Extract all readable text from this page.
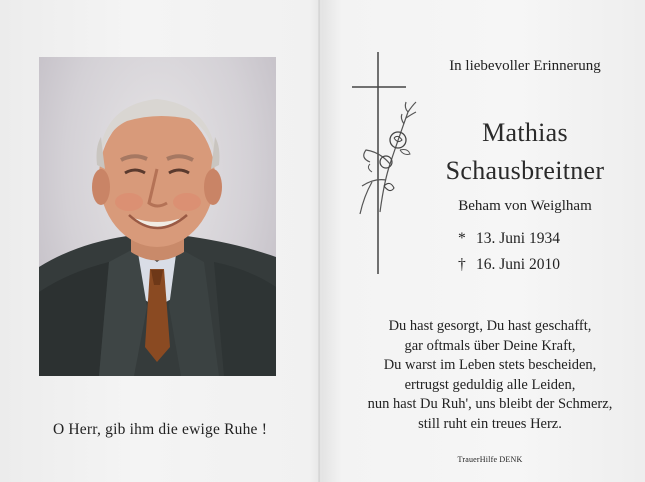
O Herr, gib ihm die ewige Ruhe !
In liebevoller Erinnerung
Mathias
Schausbreitner
Beham von Weiglham
* 13. Juni 1934
† 16. Juni 2010
Du hast gesorgt, Du hast geschafft,
gar oftmals über Deine Kraft,
Du warst im Leben stets bescheiden,
ertrugst geduldig alle Leiden,
nun hast Du Ruh', uns bleibt der Schmerz,
still ruht ein treues Herz.
TrauerHilfe DENK
